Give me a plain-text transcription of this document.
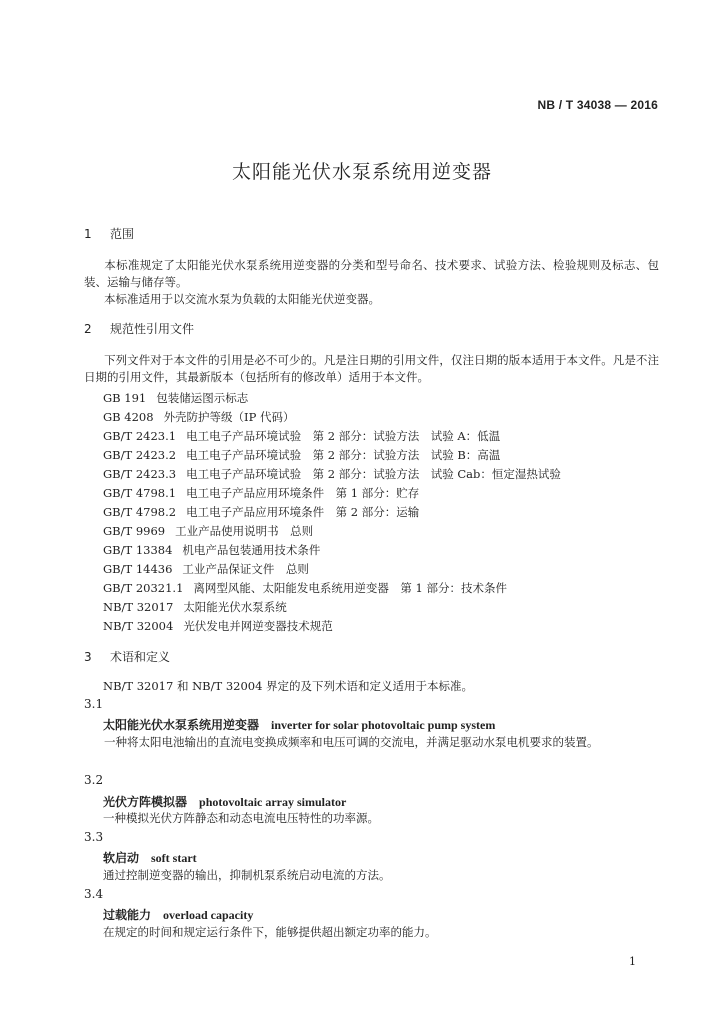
NB / T 34038 — 2016
太阳能光伏水泵系统用逆变器
1 范围
本标准规定了太阳能光伏水泵系统用逆变器的分类和型号命名、技术要求、试验方法、检验规则及标志、包装、运输与储存等。
本标准适用于以交流水泵为负载的太阳能光伏逆变器。
2 规范性引用文件
下列文件对于本文件的引用是必不可少的。凡是注日期的引用文件，仅注日期的版本适用于本文件。凡是不注日期的引用文件，其最新版本（包括所有的修改单）适用于本文件。
GB 191 包装储运图示标志
GB 4208 外壳防护等级（IP 代码）
GB/T 2423.1 电工电子产品环境试验　第 2 部分：试验方法　试验 A：低温
GB/T 2423.2 电工电子产品环境试验　第 2 部分：试验方法　试验 B：高温
GB/T 2423.3 电工电子产品环境试验　第 2 部分：试验方法　试验 Cab：恒定湿热试验
GB/T 4798.1 电工电子产品应用环境条件　第 1 部分：贮存
GB/T 4798.2 电工电子产品应用环境条件　第 2 部分：运输
GB/T 9969 工业产品使用说明书　总则
GB/T 13384 机电产品包装通用技术条件
GB/T 14436 工业产品保证文件　总则
GB/T 20321.1 离网型风能、太阳能发电系统用逆变器　第 1 部分：技术条件
NB/T 32017 太阳能光伏水泵系统
NB/T 32004 光伏发电并网逆变器技术规范
3 术语和定义
NB/T 32017 和 NB/T 32004 界定的及下列术语和定义适用于本标准。
3.1
太阳能光伏水泵系统用逆变器 inverter for solar photovoltaic pump system
一种将太阳电池输出的直流电变换成频率和电压可调的交流电，并满足驱动水泵电机要求的装置。
3.2
光伏方阵模拟器 photovoltaic array simulator
一种模拟光伏方阵静态和动态电流电压特性的功率源。
3.3
软启动 soft start
通过控制逆变器的输出，抑制机泵系统启动电流的方法。
3.4
过载能力 overload capacity
在规定的时间和规定运行条件下，能够提供超出额定功率的能力。
1
